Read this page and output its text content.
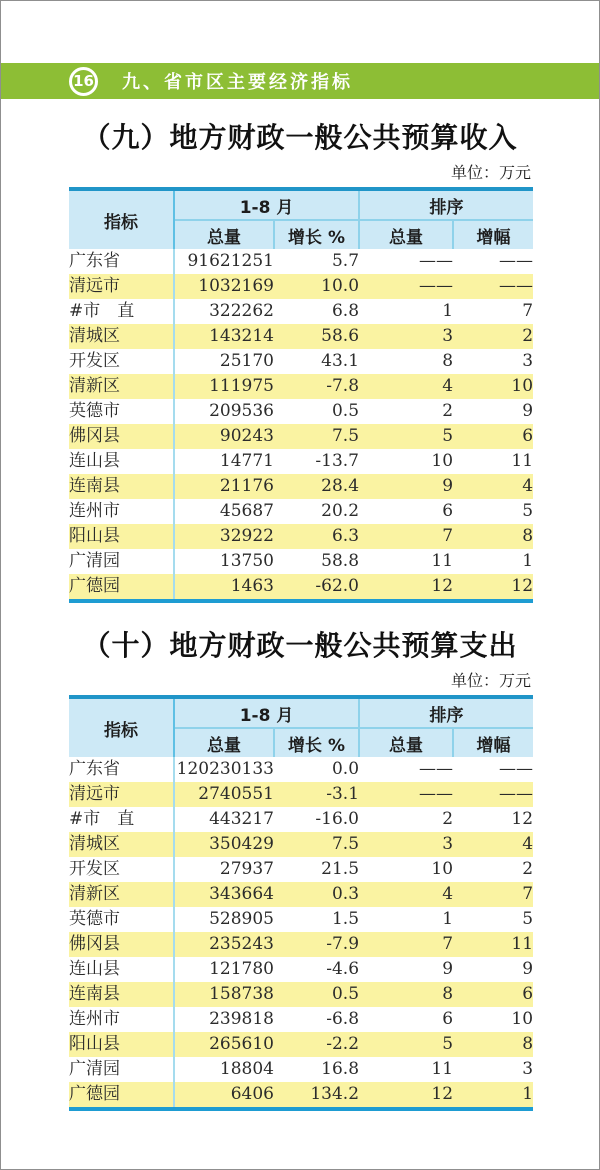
16 九、省市区主要经济指标
（九）地方财政一般公共预算收入
单位：万元
指标	1-8 月		排序	
	总量	增长 %	总量	增幅
广东省	91621251	5.7	——	——
清远市	1032169	10.0	——	——
#市　直	322262	6.8	1	7
清城区	143214	58.6	3	2
开发区	25170	43.1	8	3
清新区	111975	-7.8	4	10
英德市	209536	0.5	2	9
佛冈县	90243	7.5	5	6
连山县	14771	-13.7	10	11
连南县	21176	28.4	9	4
连州市	45687	20.2	6	5
阳山县	32922	6.3	7	8
广清园	13750	58.8	11	1
广德园	1463	-62.0	12	12
（十）地方财政一般公共预算支出
单位：万元
指标	1-8 月		排序	
	总量	增长 %	总量	增幅
广东省	120230133	0.0	——	——
清远市	2740551	-3.1	——	——
#市　直	443217	-16.0	2	12
清城区	350429	7.5	3	4
开发区	27937	21.5	10	2
清新区	343664	0.3	4	7
英德市	528905	1.5	1	5
佛冈县	235243	-7.9	7	11
连山县	121780	-4.6	9	9
连南县	158738	0.5	8	6
连州市	239818	-6.8	6	10
阳山县	265610	-2.2	5	8
广清园	18804	16.8	11	3
广德园	6406	134.2	12	1
